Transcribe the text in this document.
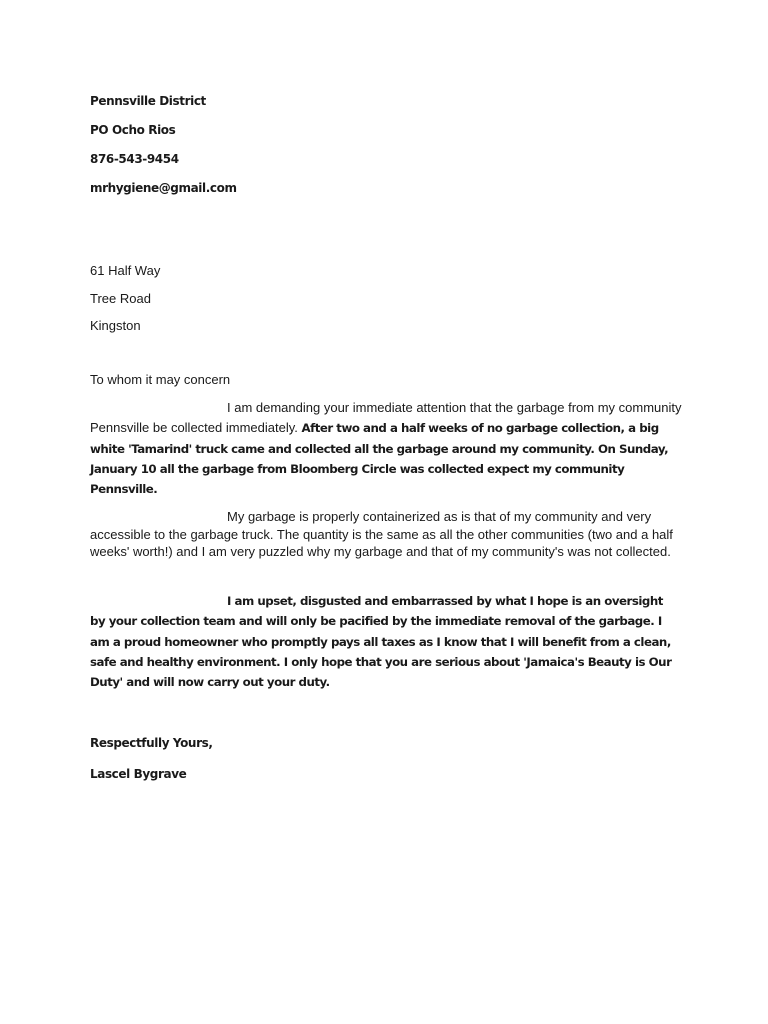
Pennsville District
PO Ocho Rios
876-543-9454
mrhygiene@gmail.com
61 Half Way
Tree Road
Kingston
To whom it may concern

I am demanding your immediate attention that the garbage from my community Pennsville be collected immediately. After two and a half weeks of no garbage collection, a big white 'Tamarind' truck came and collected all the garbage around my community. On Sunday, January 10 all the garbage from Bloomberg Circle was collected expect my community Pennsville.

My garbage is properly containerized as is that of my community and very accessible to the garbage truck. The quantity is the same as all the other communities (two and a half weeks' worth!) and I am very puzzled why my garbage and that of my community's was not collected.

I am upset, disgusted and embarrassed by what I hope is an oversight by your collection team and will only be pacified by the immediate removal of the garbage. I am a proud homeowner who promptly pays all taxes as I know that I will benefit from a clean, safe and healthy environment. I only hope that you are serious about 'Jamaica's Beauty is Our Duty' and will now carry out your duty.

Respectfully Yours,
Lascel Bygrave
